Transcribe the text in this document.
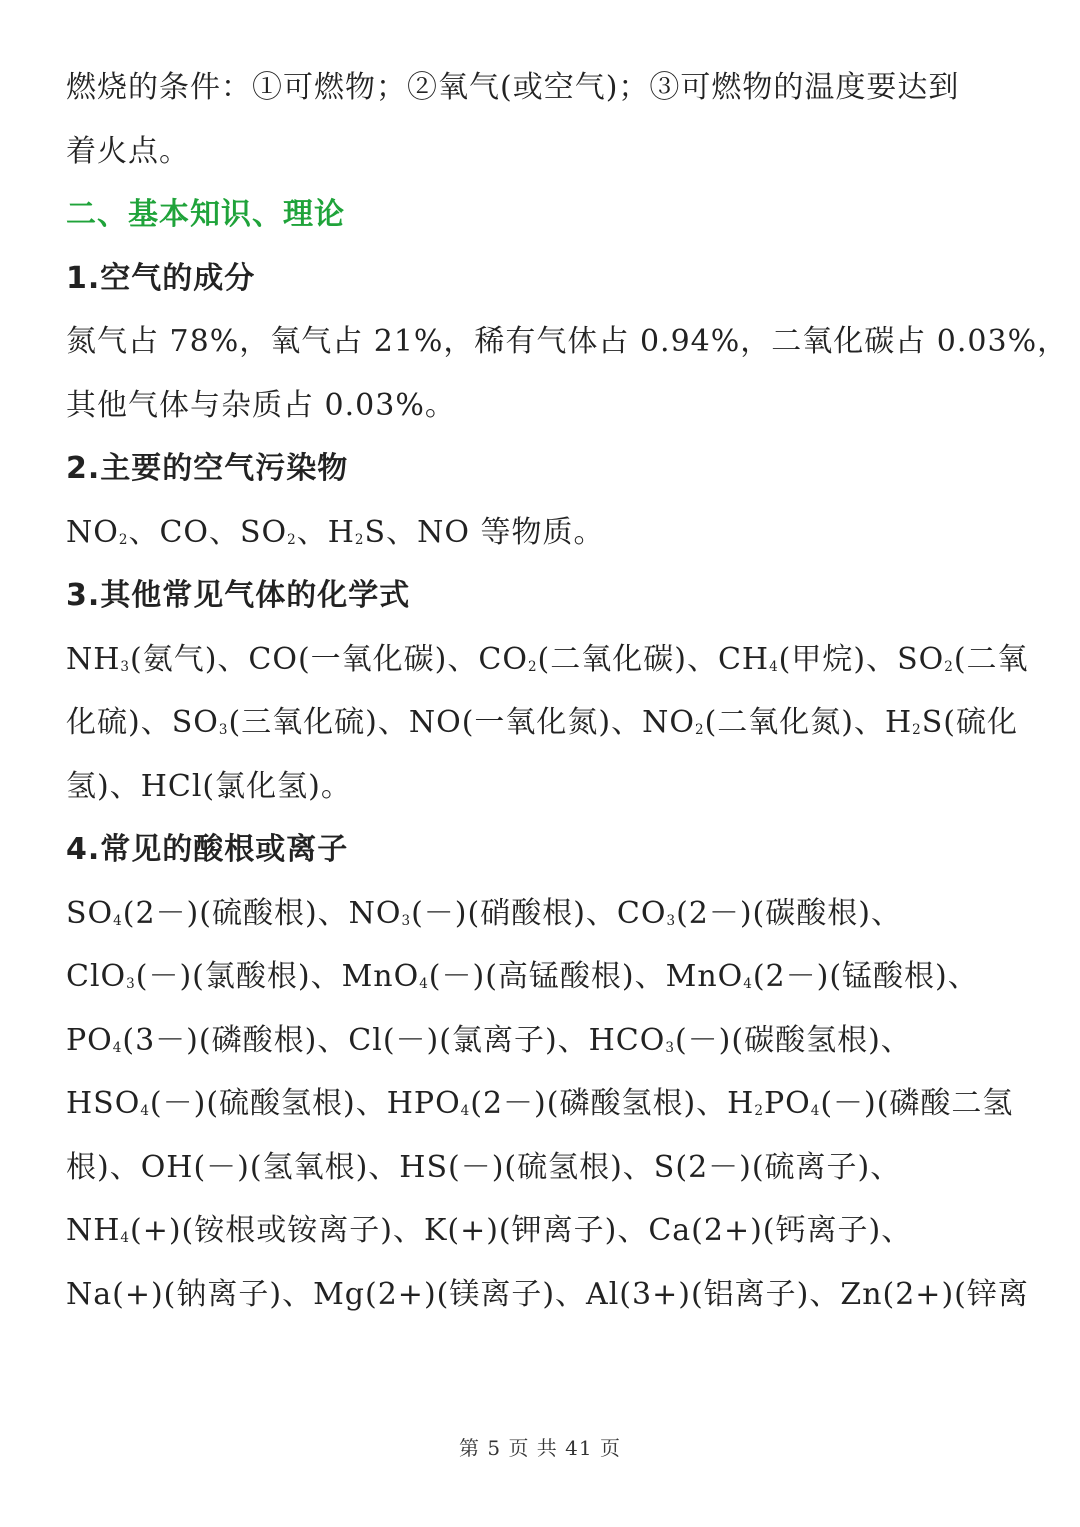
燃烧的条件：①可燃物；②氧气(或空气)；③可燃物的温度要达到
着火点。
二、基本知识、理论
1.空气的成分
氮气占 78%，氧气占 21%，稀有气体占 0.94%，二氧化碳占 0.03%，
其他气体与杂质占 0.03%。
2.主要的空气污染物
$NO_2$、CO、$SO_2$、$H_2S$、NO 等物质。
3.其他常见气体的化学式
$NH_3$(氨气)、CO(一氧化碳)、$CO_2$(二氧化碳)、$CH_4$(甲烷)、$SO_2$(二氧
化硫)、$SO_3$(三氧化硫)、NO(一氧化氮)、$NO_2$(二氧化氮)、$H_2S$(硫化
氢)、HCl(氯化氢)。
4.常见的酸根或离子
$SO_4(2-)$(硫酸根)、$NO_3(-)$(硝酸根)、$CO_3(2-)$(碳酸根)、
ClO$_3$(－)(氯酸根)、MnO$_4$(－)(高锰酸根)、MnO$_4$(2－)(锰酸根)、
$PO_4(3-)$(磷酸根)、Cl(－)(氯离子)、$HCO_3(-)$(碳酸氢根)、
$HSO_4(-)$(硫酸氢根)、$HPO_4(2-)$(磷酸氢根)、$H_2PO_4(-)$(磷酸二氢
根)、OH(－)(氢氧根)、HS(－)(硫氢根)、S(2－)(硫离子)、
$NH_4(+)$(铵根或铵离子)、K(+)(钾离子)、Ca(2+)(钙离子)、
Na(+)(钠离子)、Mg(2+)(镁离子)、Al(3+)(铝离子)、Zn(2+)(锌离
第 5 页 共 41 页
